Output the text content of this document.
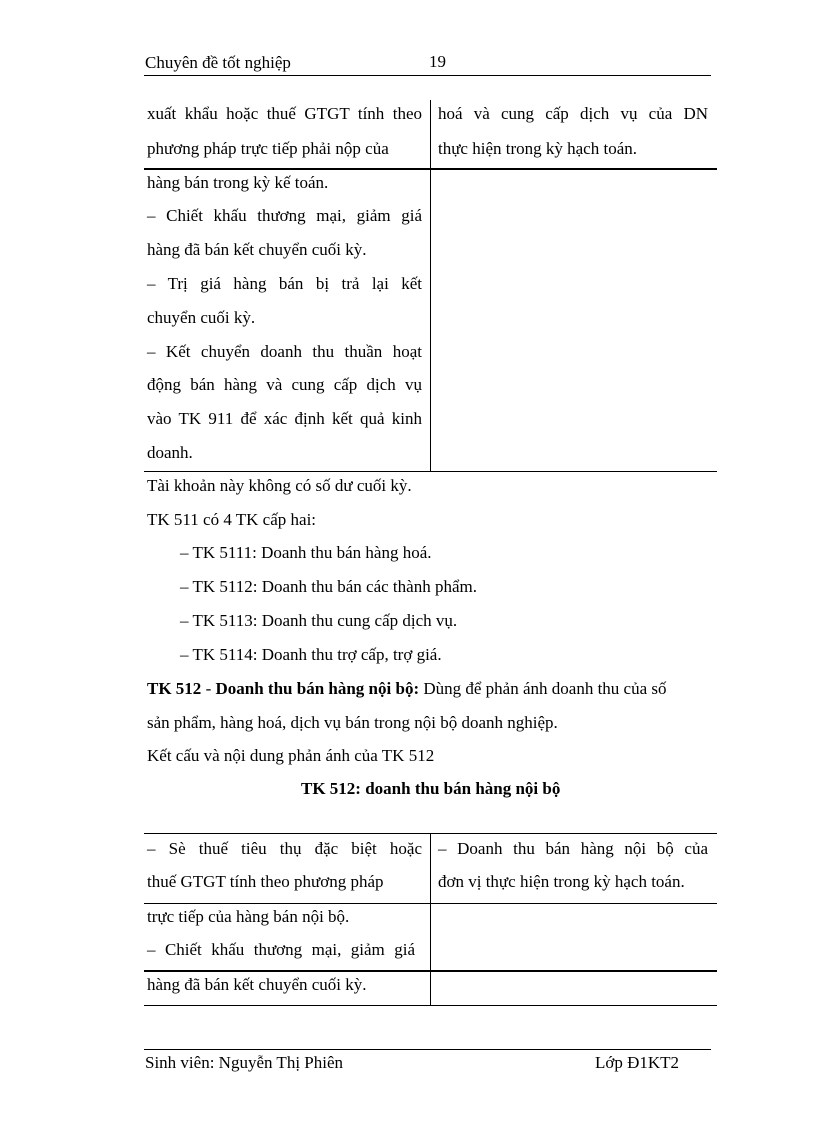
Chuyên đề tốt nghiệp	19
xuất khẩu hoặc thuế GTGT tính theo
phương pháp trực tiếp phải nộp của
hoá và cung cấp dịch vụ của DN
thực hiện trong kỳ hạch toán.
hàng bán trong kỳ kế toán.
– Chiết khấu thương mại, giảm giá
hàng đã bán kết chuyển cuối kỳ.
– Trị giá hàng bán bị trả lại kết
chuyển cuối kỳ.
– Kết chuyển doanh thu thuần hoạt
động bán hàng và cung cấp dịch vụ
vào TK 911 để xác định kết quả kinh
doanh.
Tài khoản này không có số dư cuối kỳ.
TK 511 có 4 TK cấp hai:
– TK 5111: Doanh thu bán hàng hoá.
– TK 5112: Doanh thu bán các thành phẩm.
– TK 5113: Doanh thu cung cấp dịch vụ.
– TK 5114: Doanh thu trợ cấp, trợ giá.
TK 512 - Doanh thu bán hàng nội bộ: Dùng để phản ánh doanh thu của số
sản phẩm, hàng hoá, dịch vụ bán trong nội bộ doanh nghiệp.
Kết cấu và nội dung phản ánh của TK 512
TK 512: doanh thu bán hàng nội bộ
– Sè thuế tiêu thụ đặc biệt hoặc
thuế GTGT tính theo phương pháp
– Doanh thu bán hàng nội bộ của
đơn vị thực hiện trong kỳ hạch toán.
trực tiếp của hàng bán nội bộ.
– Chiết khấu thương mại, giảm giá
hàng đã bán kết chuyển cuối kỳ.
Sinh viên: Nguyễn Thị Phiên	Lớp Đ1KT2
